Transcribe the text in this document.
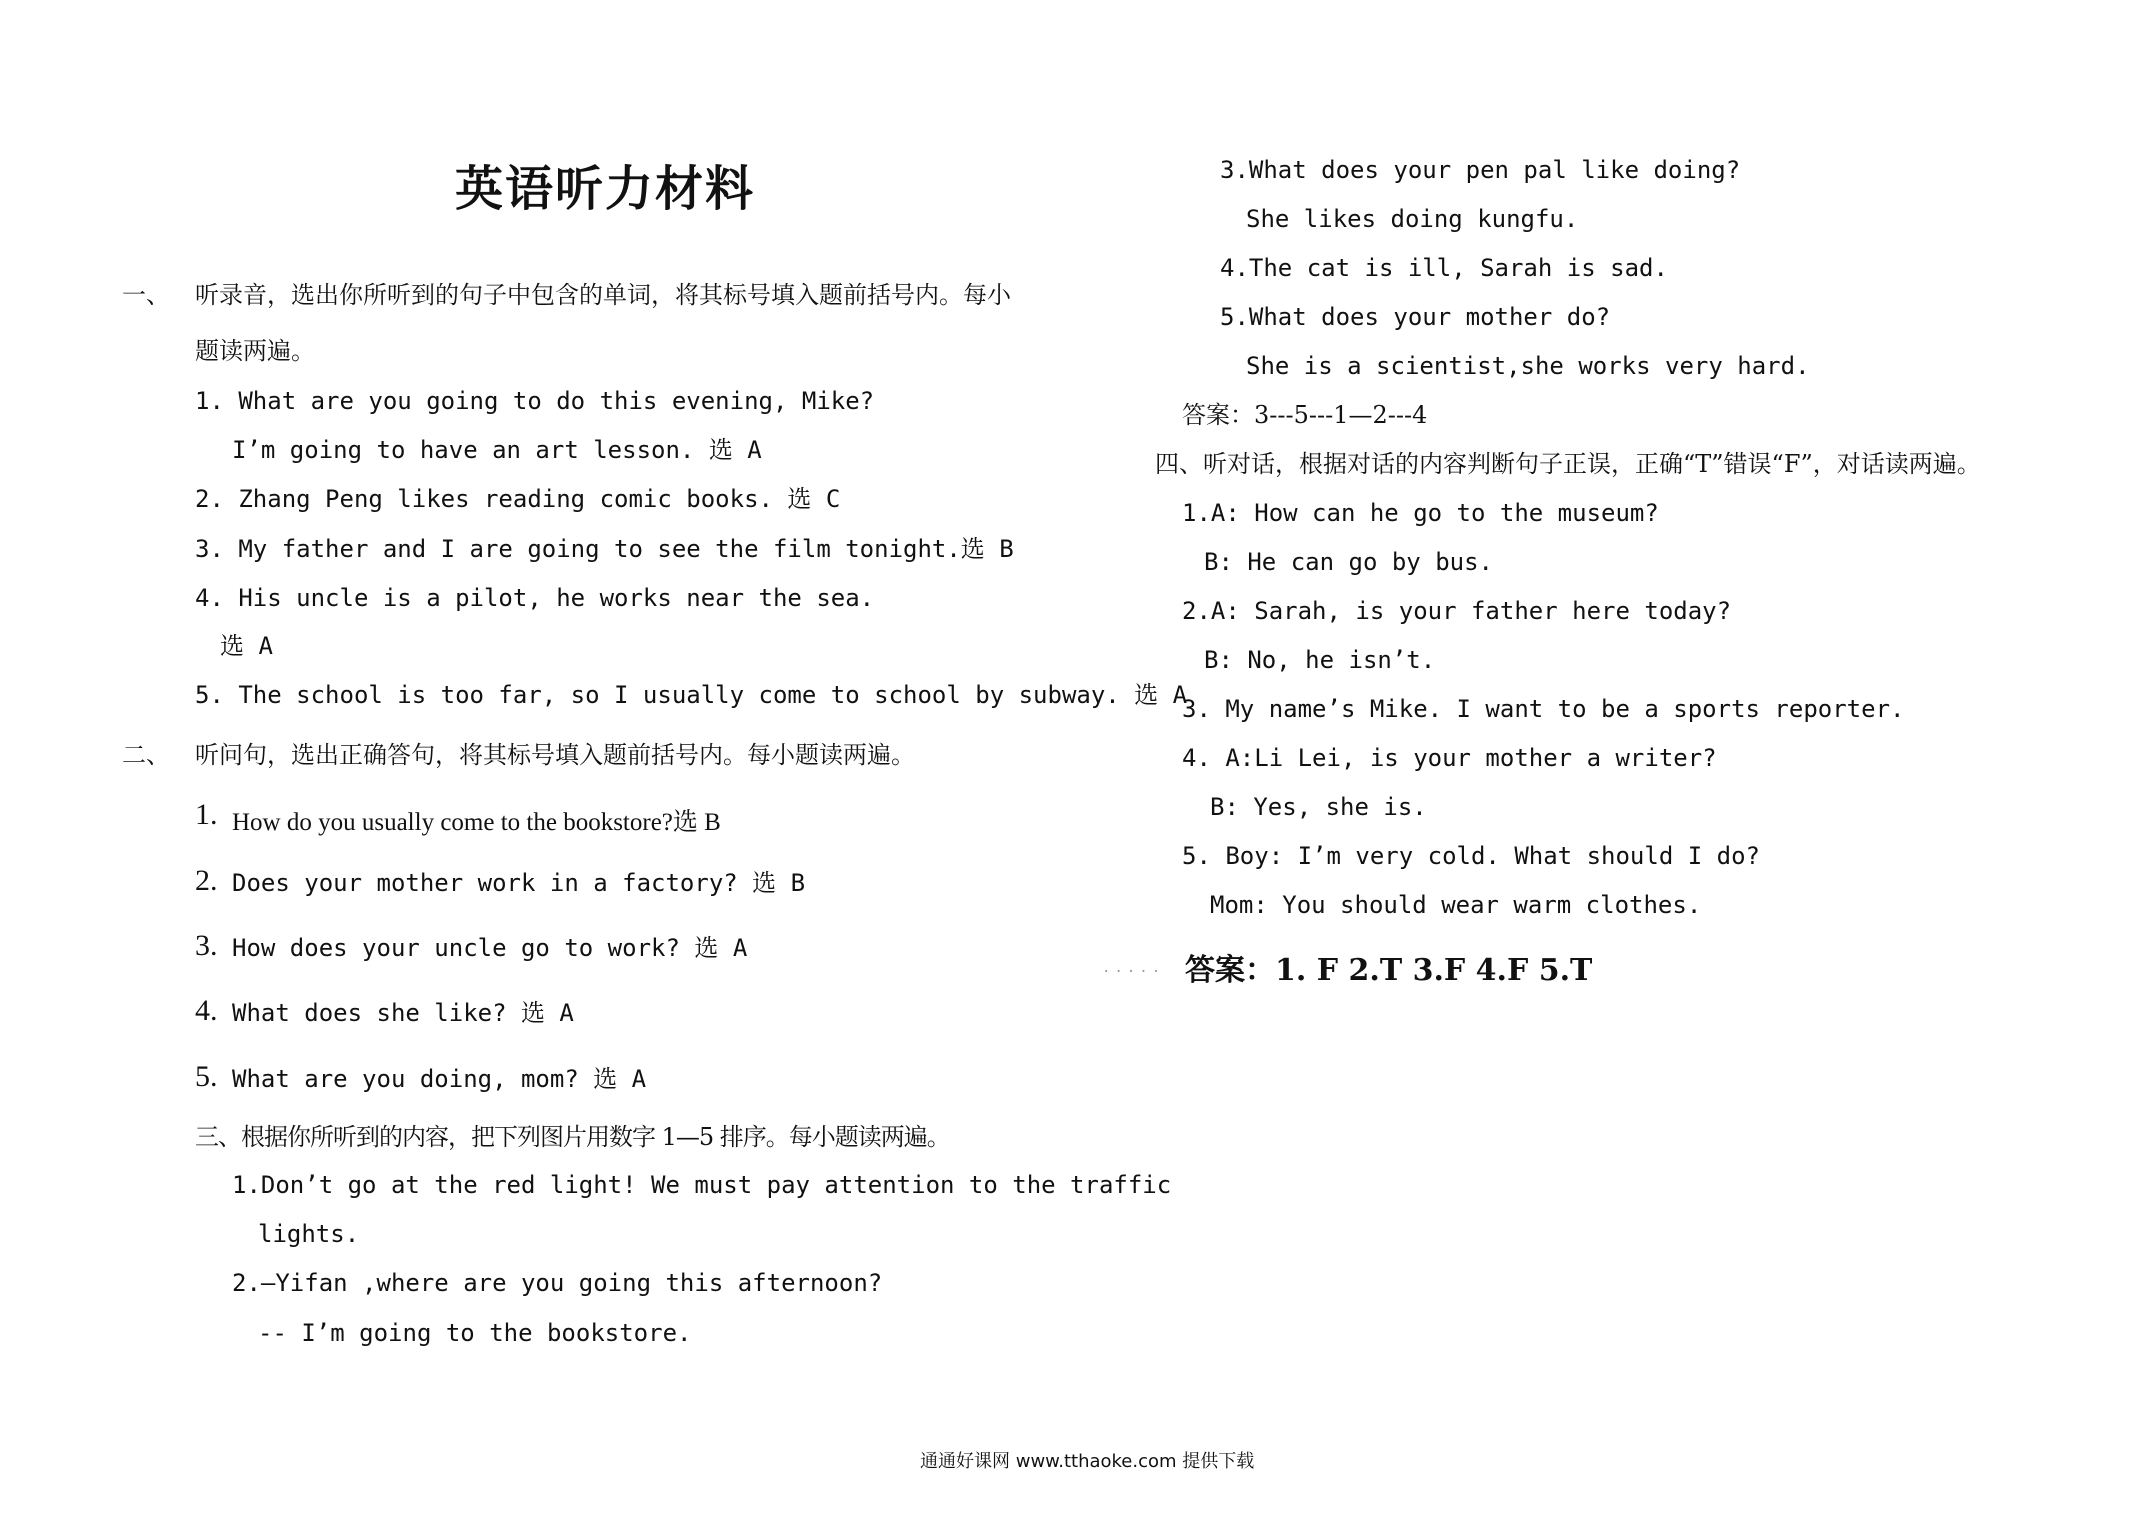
英语听力材料
一、 听录音，选出你所听到的句子中包含的单词，将其标号填入题前括号内。每小
题读两遍。
1. What are you going to do this evening, Mike?
I’m going to have an art lesson. 选 A
2. Zhang Peng likes reading comic books. 选 C
3. My father and I are going to see the film tonight.选 B
4. His uncle is a pilot, he works near the sea.
选 A
5. The school is too far, so I usually come to school by subway. 选 A
二、 听问句，选出正确答句，将其标号填入题前括号内。每小题读两遍。
1. How do you usually come to the bookstore?选 B
2. Does your mother work in a factory? 选 B
3. How does your uncle go to work? 选 A
4. What does she like? 选 A
5. What are you doing, mom? 选 A
三、根据你所听到的内容，把下列图片用数字 1—5 排序。每小题读两遍。
1.Don’t go at the red light! We must pay attention to the traffic
lights.
2.—Yifan ,where are you going this afternoon?
-- I’m going to the bookstore.
3.What does your pen pal like doing?
She likes doing kungfu.
4.The cat is ill, Sarah is sad.
5.What does your mother do?
She is a scientist,she works very hard.
答案：3---5---1—2---4
四、听对话，根据对话的内容判断句子正误，正确“T”错误“F”，对话读两遍。
1.A: How can he go to the museum?
B: He can go by bus.
2.A: Sarah, is your father here today?
B: No, he isn’t.
3. My name’s Mike. I want to be a sports reporter.
4. A:Li Lei, is your mother a writer?
B: Yes, she is.
5. Boy: I’m very cold. What should I do?
Mom: You should wear warm clothes.
..... 答案：1. F 2.T 3.F 4.F 5.T
通通好课网 www.tthaoke.com 提供下载
